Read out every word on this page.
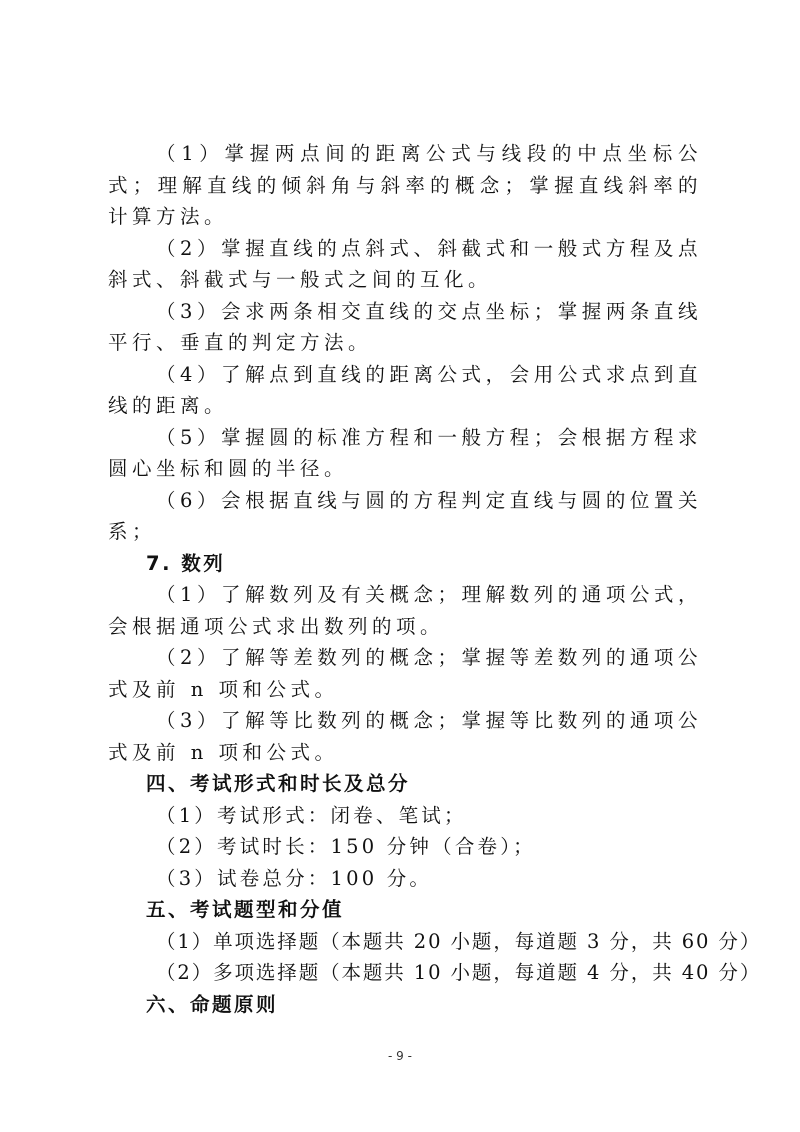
（1）掌握两点间的距离公式与线段的中点坐标公式；理解直线的倾斜角与斜率的概念；掌握直线斜率的计算方法。

（2）掌握直线的点斜式、斜截式和一般式方程及点斜式、斜截式与一般式之间的互化。

（3）会求两条相交直线的交点坐标；掌握两条直线平行、垂直的判定方法。

（4）了解点到直线的距离公式，会用公式求点到直线的距离。

（5）掌握圆的标准方程和一般方程；会根据方程求圆心坐标和圆的半径。

（6）会根据直线与圆的方程判定直线与圆的位置关系；

7. 数列

（1）了解数列及有关概念；理解数列的通项公式，会根据通项公式求出数列的项。

（2）了解等差数列的概念；掌握等差数列的通项公式及前 n 项和公式。

（3）了解等比数列的概念；掌握等比数列的通项公式及前 n 项和公式。

四、考试形式和时长及总分

（1）考试形式：闭卷、笔试；

（2）考试时长：150 分钟（合卷）；

（3）试卷总分：100 分。

五、考试题型和分值

（1）单项选择题（本题共 20 小题，每道题 3 分，共 60 分）

（2）多项选择题（本题共 10 小题，每道题 4 分，共 40 分）

六、命题原则

- 9 -
